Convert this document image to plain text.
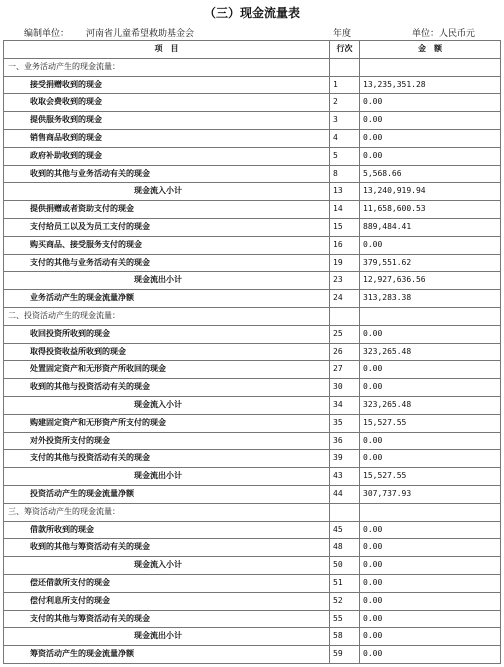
（三）现金流量表
编制单位： 河南省儿童希望救助基金会	年度	单位：人民币元
项　目	行次	金　额
一、业务活动产生的现金流量：		
接受捐赠收到的现金	1	13,235,351.28
收取会费收到的现金	2	0.00
提供服务收到的现金	3	0.00
销售商品收到的现金	4	0.00
政府补助收到的现金	5	0.00
收到的其他与业务活动有关的现金	8	5,568.66
现金流入小计	13	13,240,919.94
提供捐赠或者资助支付的现金	14	11,658,600.53
支付给员工以及为员工支付的现金	15	889,484.41
购买商品、接受服务支付的现金	16	0.00
支付的其他与业务活动有关的现金	19	379,551.62
现金流出小计	23	12,927,636.56
业务活动产生的现金流量净额	24	313,283.38
二、投资活动产生的现金流量：		
收回投资所收到的现金	25	0.00
取得投资收益所收到的现金	26	323,265.48
处置固定资产和无形资产所收回的现金	27	0.00
收到的其他与投资活动有关的现金	30	0.00
现金流入小计	34	323,265.48
购建固定资产和无形资产所支付的现金	35	15,527.55
对外投资所支付的现金	36	0.00
支付的其他与投资活动有关的现金	39	0.00
现金流出小计	43	15,527.55
投资活动产生的现金流量净额	44	307,737.93
三、筹资活动产生的现金流量：		
借款所收到的现金	45	0.00
收到的其他与筹资活动有关的现金	48	0.00
现金流入小计	50	0.00
偿还借款所支付的现金	51	0.00
偿付利息所支付的现金	52	0.00
支付的其他与筹资活动有关的现金	55	0.00
现金流出小计	58	0.00
筹资活动产生的现金流量净额	59	0.00
